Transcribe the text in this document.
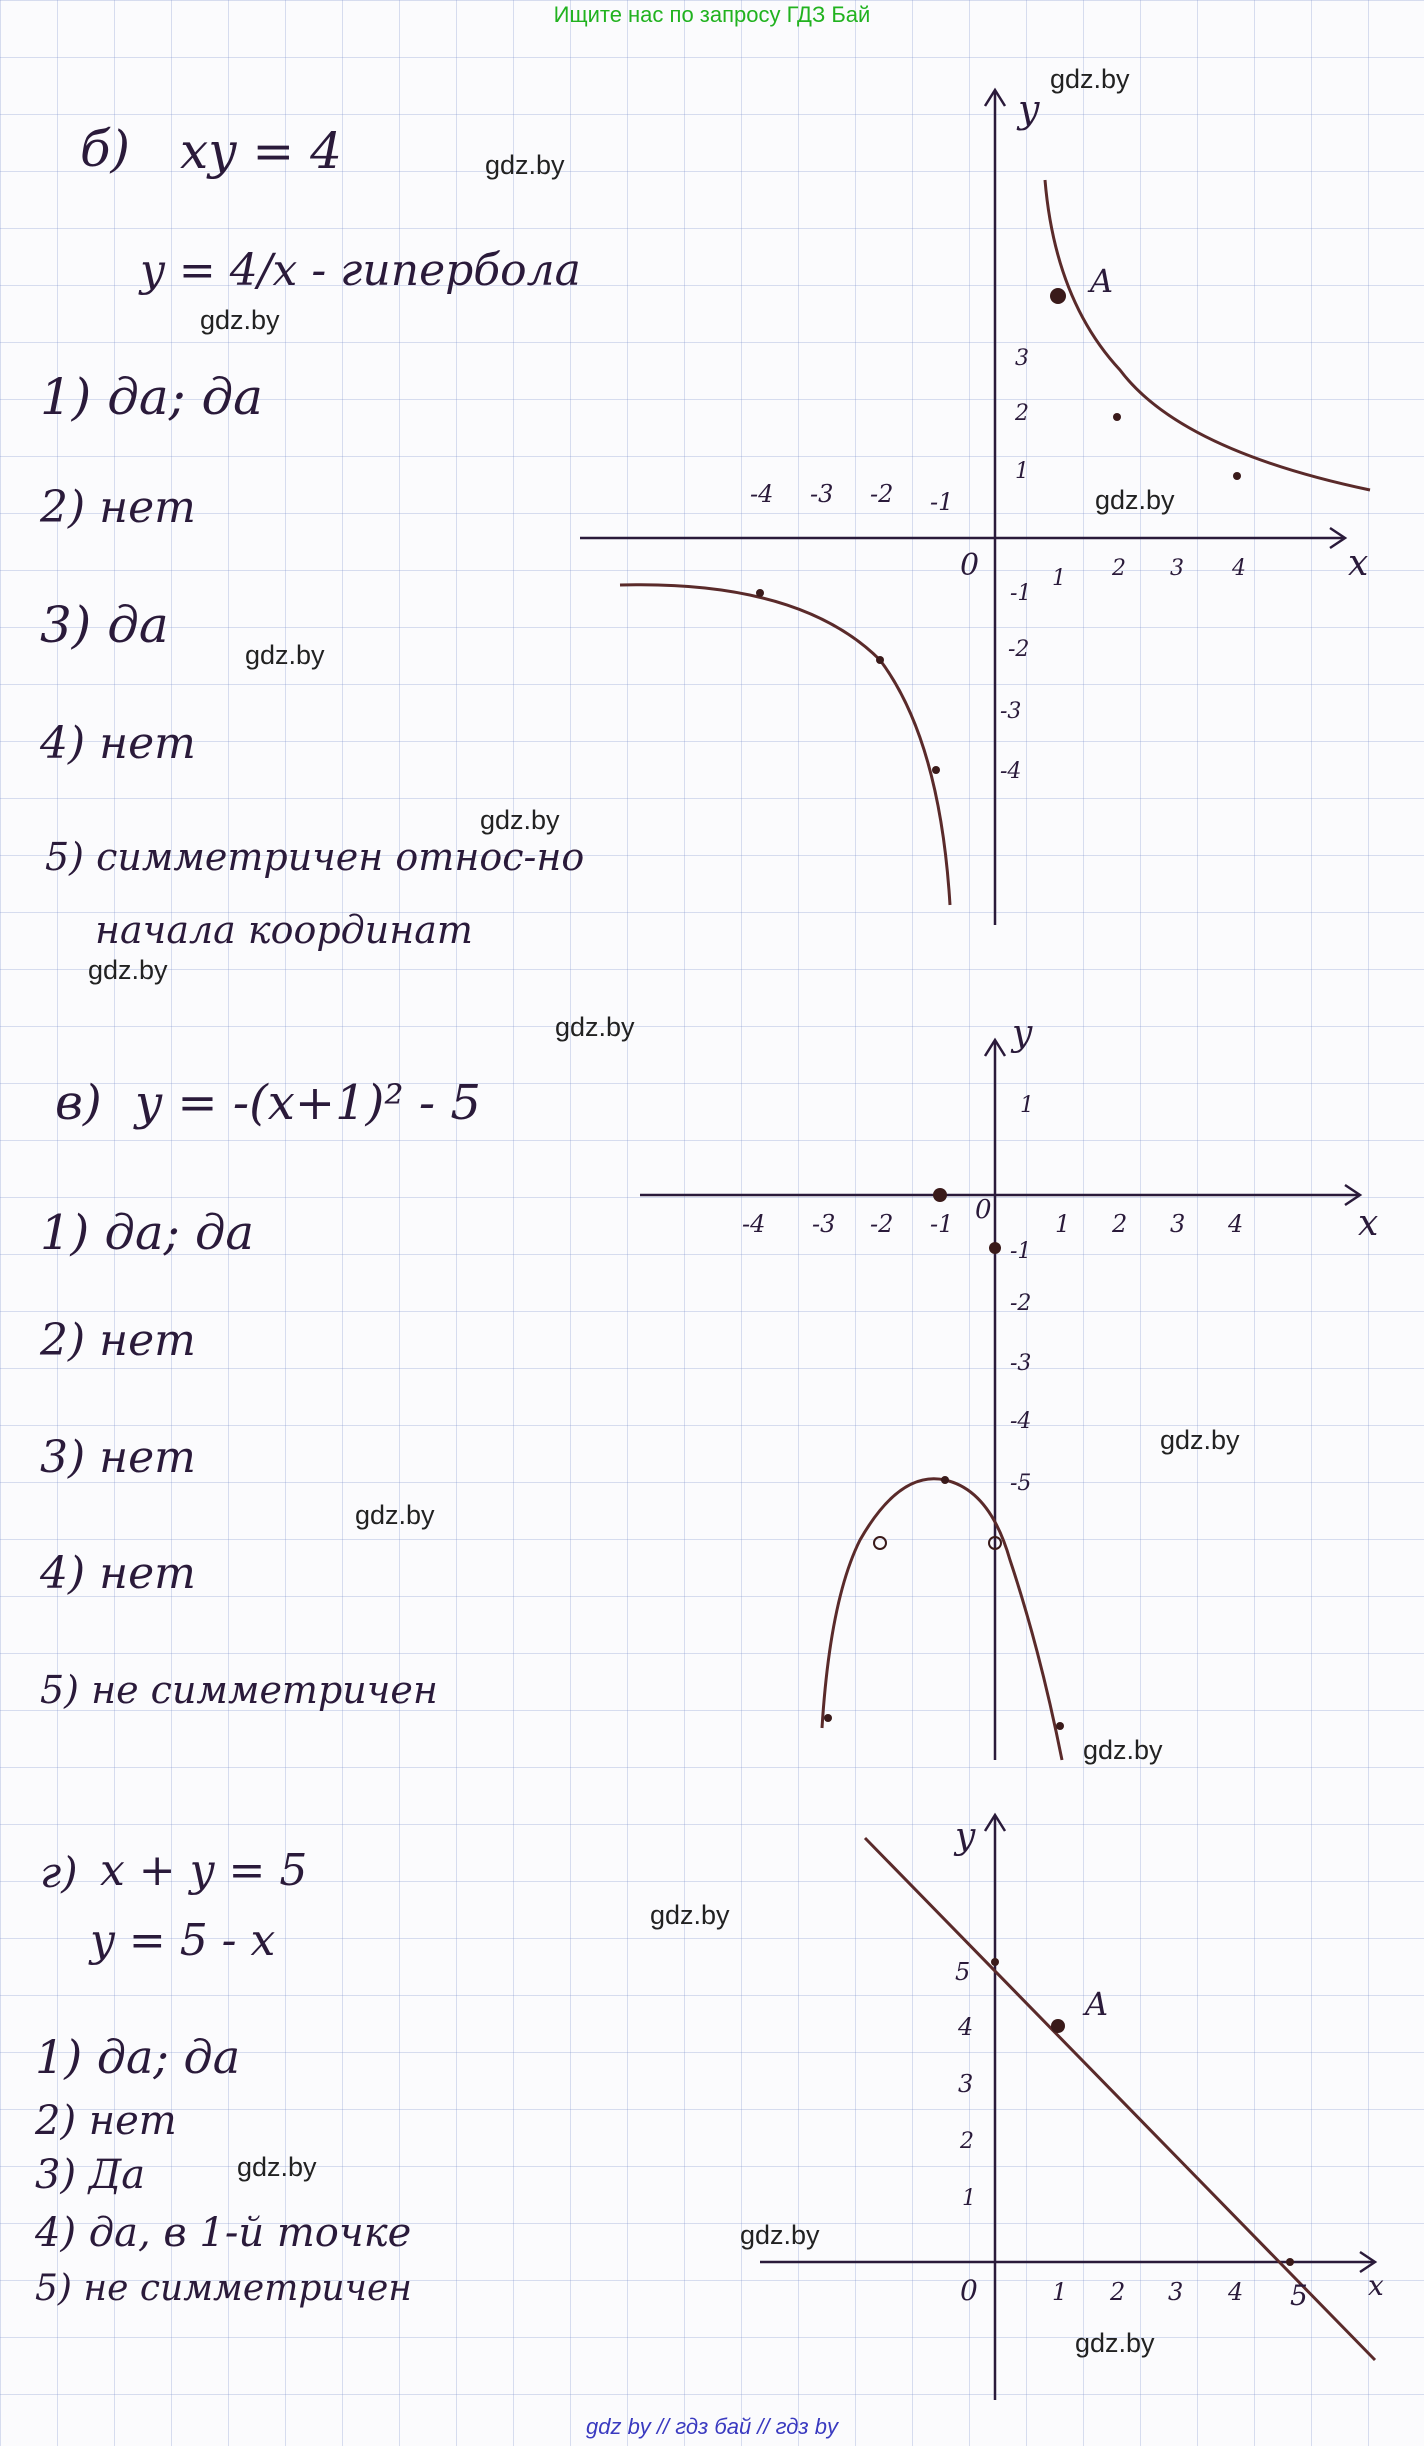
Ищите нас по запросу ГДЗ Бай
gdz.by
gdz.by
gdz.by
gdz.by
gdz.by
gdz.by
gdz.by
gdz.by
gdz.by
gdz.by
gdz.by
gdz.by
gdz.by
gdz.by
gdz.by
б) xy = 4
y = 4/x - гипербола
1) да; да
2) нет
3) да
4) нет
5) симметричен относ-но
начала координат
в) y = -(x+1)² - 5
1) да; да
2) нет
3) нет
4) нет
5) не симметричен
г) x + y = 5
y = 5 - x
1) да; да
2) нет
3) Да
4) да, в 1-й точке
5) не симметричен
y
x
0
A
-4 -3 -2 -1
1 2 3 4
3
2
1
-1
-2
-3
-4
y
x
0
-4 -3 -2 -1	1 2 3 4
1
-1
-2
-3
-4
-5
y
x
0
A
1 2 3 4 5
5
4
3
2
1
gdz by // гдз бай // гдз by
